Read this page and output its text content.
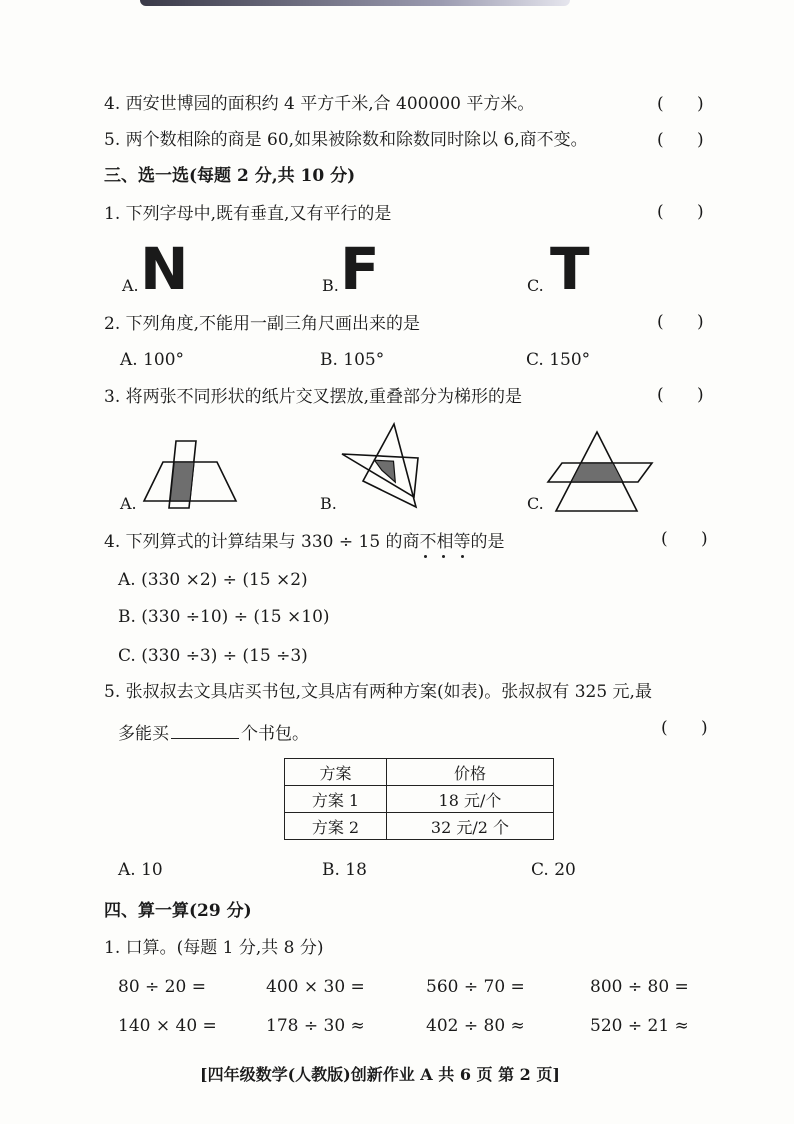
4. 西安世博园的面积约 4 平方千米,合 400000 平方米。	( )
5. 两个数相除的商是 60,如果被除数和除数同时除以 6,商不变。	( )
三、选一选(每题 2 分,共 10 分)
1. 下列字母中,既有垂直,又有平行的是	( )
A. N	B. F	C. T
2. 下列角度,不能用一副三角尺画出来的是	( )
A. 100°	B. 105°	C. 150°
3. 将两张不同形状的纸片交叉摆放,重叠部分为梯形的是	( )
A.	B.	C.
4. 下列算式的计算结果与 330 ÷ 15 的商不相等的是	( )
A. (330 ×2) ÷ (15 ×2)
B. (330 ÷10) ÷ (15 ×10)
C. (330 ÷3) ÷ (15 ÷3)
5. 张叔叔去文具店买书包,文具店有两种方案(如表)。张叔叔有 325 元,最
多能买	个书包。	( )
方案	价格
方案 1	18 元/个
方案 2	32 元/2 个
A. 10	B. 18	C. 20
四、算一算(29 分)
1. 口算。(每题 1 分,共 8 分)
80 ÷ 20 =	400 × 30 =	560 ÷ 70 =	800 ÷ 80 =
140 × 40 =	178 ÷ 30 ≈	402 ÷ 80 ≈	520 ÷ 21 ≈
[四年级数学(人教版)创新作业 A 共 6 页 第 2 页]
